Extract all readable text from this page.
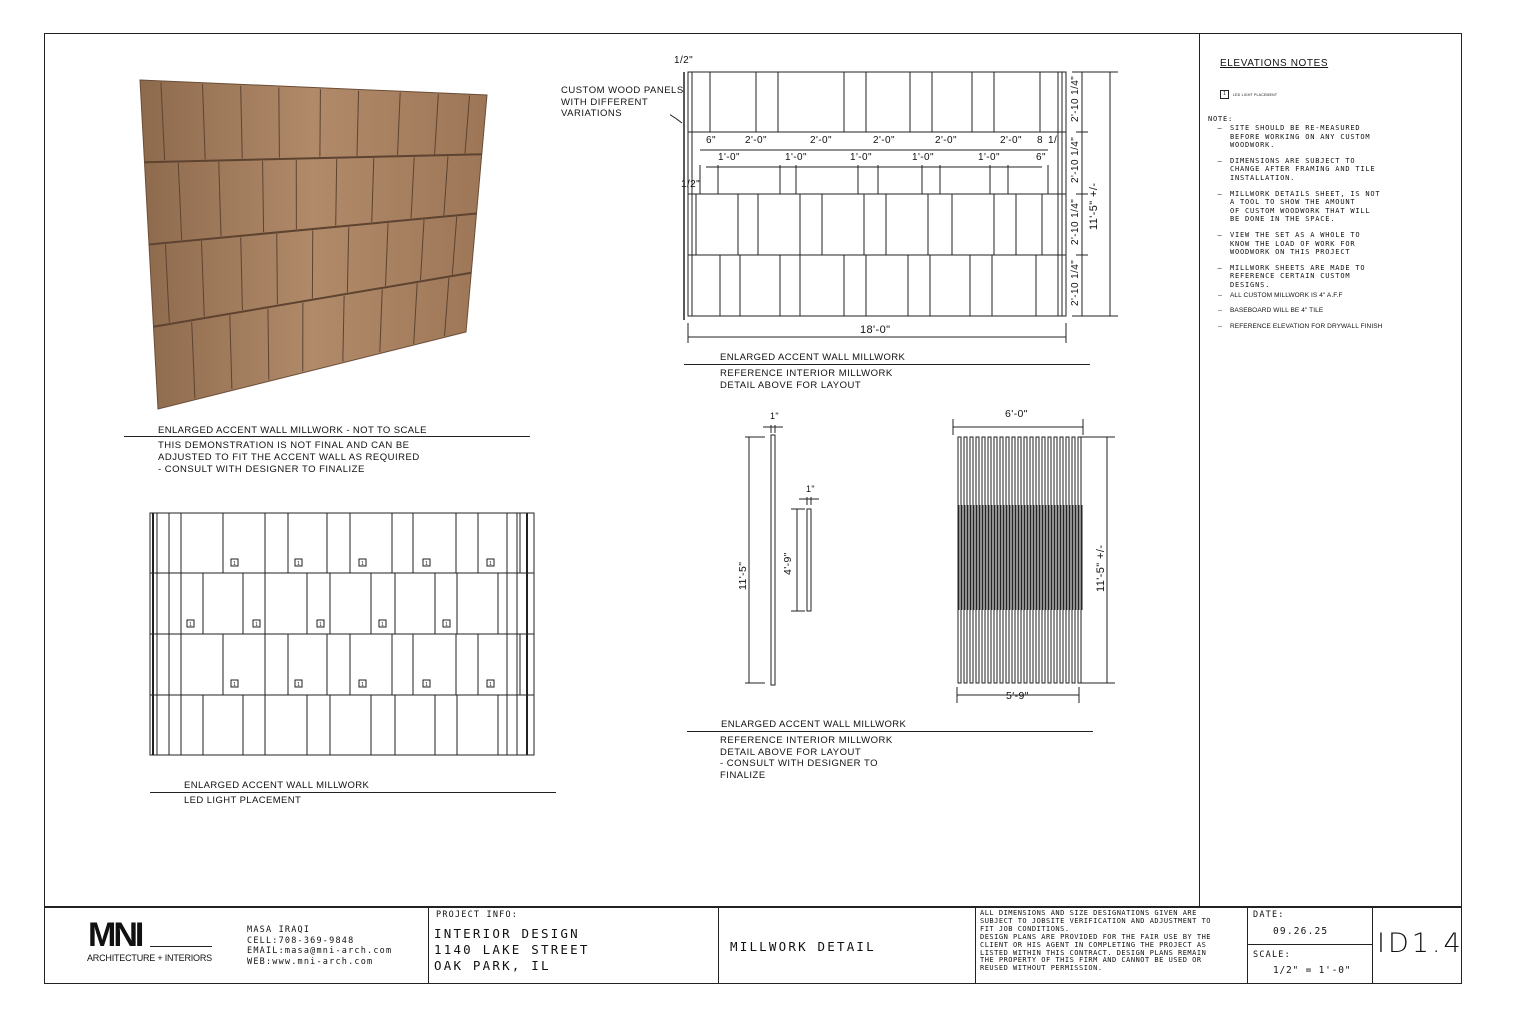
ENLARGED ACCENT WALL MILLWORK - NOT TO SCALE
THIS DEMONSTRATION IS NOT FINAL AND CAN BE
ADJUSTED TO FIT THE ACCENT WALL AS REQUIRED
- CONSULT WITH DESIGNER TO FINALIZE
1	1	1	1	1
1	1	1	1	1
1	1	1	1	1
ENLARGED ACCENT WALL MILLWORK
LED LIGHT PLACEMENT
1/2"
1/2"
18'-0"
11'-5" +/-
2'-10 1/4"
2'-10 1/4"
2'-10 1/4"
2'-10 1/4"
6"
6"
8 1/
2'-0"	2'-0"	2'-0"	2'-0"	2'-0"
1'-0"	1'-0"	1'-0"	1'-0"	1'-0"
CUSTOM WOOD PANELS
WITH DIFFERENT
VARIATIONS
ENLARGED ACCENT WALL MILLWORK
REFERENCE INTERIOR MILLWORK
DETAIL ABOVE FOR LAYOUT
11'-5"	4'-9"
1"
1"
6'-0"
5'-9"
11'-5" +/-
ENLARGED ACCENT WALL MILLWORK
REFERENCE INTERIOR MILLWORK
DETAIL ABOVE FOR LAYOUT
- CONSULT WITH DESIGNER TO
FINALIZE
ELEVATIONS NOTES
1	LED LIGHT PLACEMENT
NOTE:
–	SITE SHOULD BE RE-MEASURED
BEFORE WORKING ON ANY CUSTOM
WOODWORK.
–	DIMENSIONS ARE SUBJECT TO
CHANGE AFTER FRAMING AND TILE
INSTALLATION.
–	MILLWORK DETAILS SHEET, IS NOT
A TOOL TO SHOW THE AMOUNT
OF CUSTOM WOODWORK THAT WILL
BE DONE IN THE SPACE.
–	VIEW THE SET AS A WHOLE TO
KNOW THE LOAD OF WORK FOR
WOODWORK ON THIS PROJECT
–	MILLWORK SHEETS ARE MADE TO
REFERENCE CERTAIN CUSTOM
DESIGNS.
–	ALL CUSTOM MILLWORK IS 4" A.F.F
–	BASEBOARD WILL BE 4" TILE
–	REFERENCE ELEVATION FOR DRYWALL FINISH
MNI
ARCHITECTURE + INTERIORS
MASA IRAQI
CELL:708-369-9848
EMAIL:masa@mni-arch.com
WEB:www.mni-arch.com
PROJECT INFO:
INTERIOR DESIGN
1140 LAKE STREET
OAK PARK, IL
MILLWORK DETAIL
ALL DIMENSIONS AND SIZE DESIGNATIONS GIVEN ARE
SUBJECT TO JOBSITE VERIFICATION AND ADJUSTMENT TO
FIT JOB CONDITIONS.
DESIGN PLANS ARE PROVIDED FOR THE FAIR USE BY THE
CLIENT OR HIS AGENT IN COMPLETING THE PROJECT AS
LISTED WITHIN THIS CONTRACT. DESIGN PLANS REMAIN
THE PROPERTY OF THIS FIRM AND CANNOT BE USED OR
REUSED WITHOUT PERMISSION.
DATE:
09.26.25
SCALE:
1/2" = 1'-0"
ID1.4
